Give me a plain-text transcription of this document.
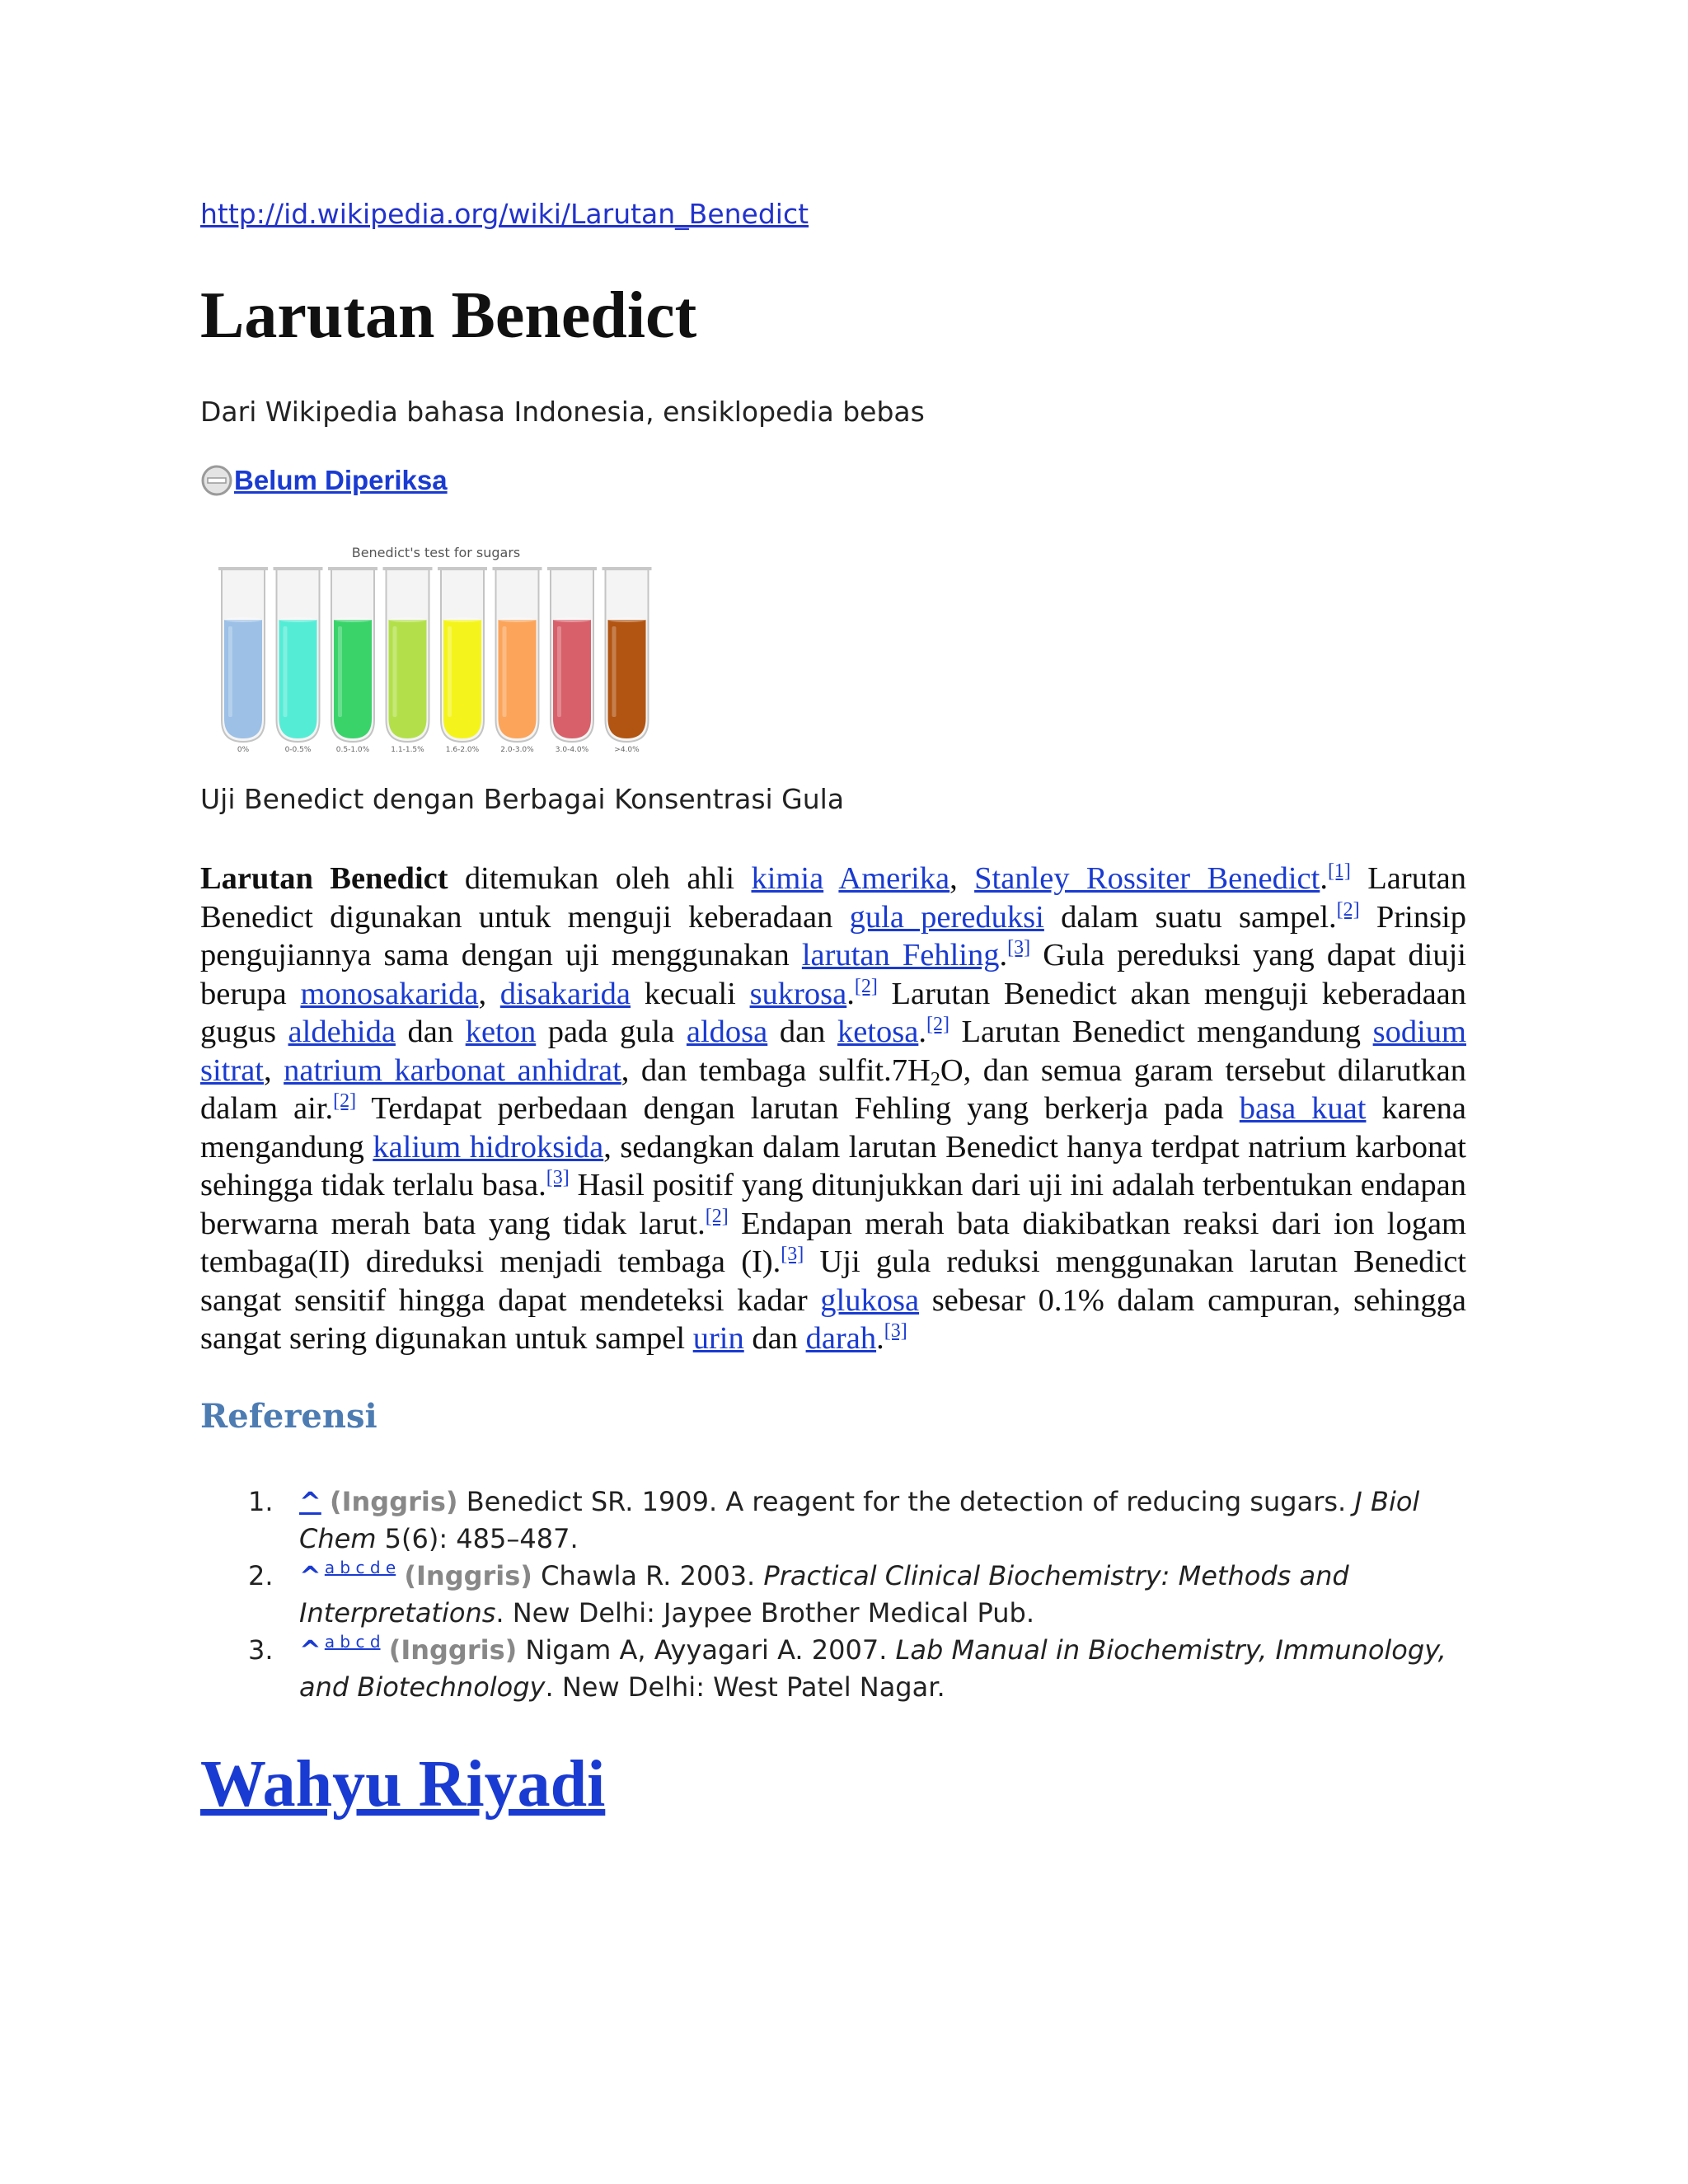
http://id.wikipedia.org/wiki/Larutan_Benedict
Larutan Benedict
Dari Wikipedia bahasa Indonesia, ensiklopedia bebas
Belum Diperiksa
Benedict's test for sugars
0%	0-0.5%	0.5-1.0%	1.1-1.5%	1.6-2.0%	2.0-3.0%	3.0-4.0%	>4.0%
Uji Benedict dengan Berbagai Konsentrasi Gula
Larutan Benedict ditemukan oleh ahli kimia Amerika, Stanley Rossiter Benedict.[1] Larutan Benedict digunakan untuk menguji keberadaan gula pereduksi dalam suatu sampel.[2] Prinsip pengujiannya sama dengan uji menggunakan larutan Fehling.[3] Gula pereduksi yang dapat diuji berupa monosakarida, disakarida kecuali sukrosa.[2] Larutan Benedict akan menguji keberadaan gugus aldehida dan keton pada gula aldosa dan ketosa.[2] Larutan Benedict mengandung sodium sitrat, natrium karbonat anhidrat, dan tembaga $sulfit.7H_2O$, dan semua garam tersebut dilarutkan dalam air.[2] Terdapat perbedaan dengan larutan Fehling yang berkerja pada basa kuat karena mengandung kalium hidroksida, sedangkan dalam larutan Benedict hanya terdpat natrium karbonat sehingga tidak terlalu basa.[3] Hasil positif yang ditunjukkan dari uji ini adalah terbentukan endapan berwarna merah bata yang tidak larut.[2] Endapan merah bata diakibatkan reaksi dari ion logam tembaga(II) direduksi menjadi tembaga (I).[3] Uji gula reduksi menggunakan larutan Benedict sangat sensitif hingga dapat mendeteksi kadar glukosa sebesar 0.1% dalam campuran, sehingga sangat sering digunakan untuk sampel urin dan darah.[3]
Referensi
1. ^ (Inggris) Benedict SR. 1909. A reagent for the detection of reducing sugars. J Biol Chem 5(6): 485–487.
2. ^ $^{a b c d e}$ (Inggris) Chawla R. 2003. Practical Clinical Biochemistry: Methods and Interpretations. New Delhi: Jaypee Brother Medical Pub.
3. ^ $^{a b c d}$ (Inggris) Nigam A, Ayyagari A. 2007. Lab Manual in Biochemistry, Immunology, and Biotechnology. New Delhi: West Patel Nagar.
Wahyu Riyadi
